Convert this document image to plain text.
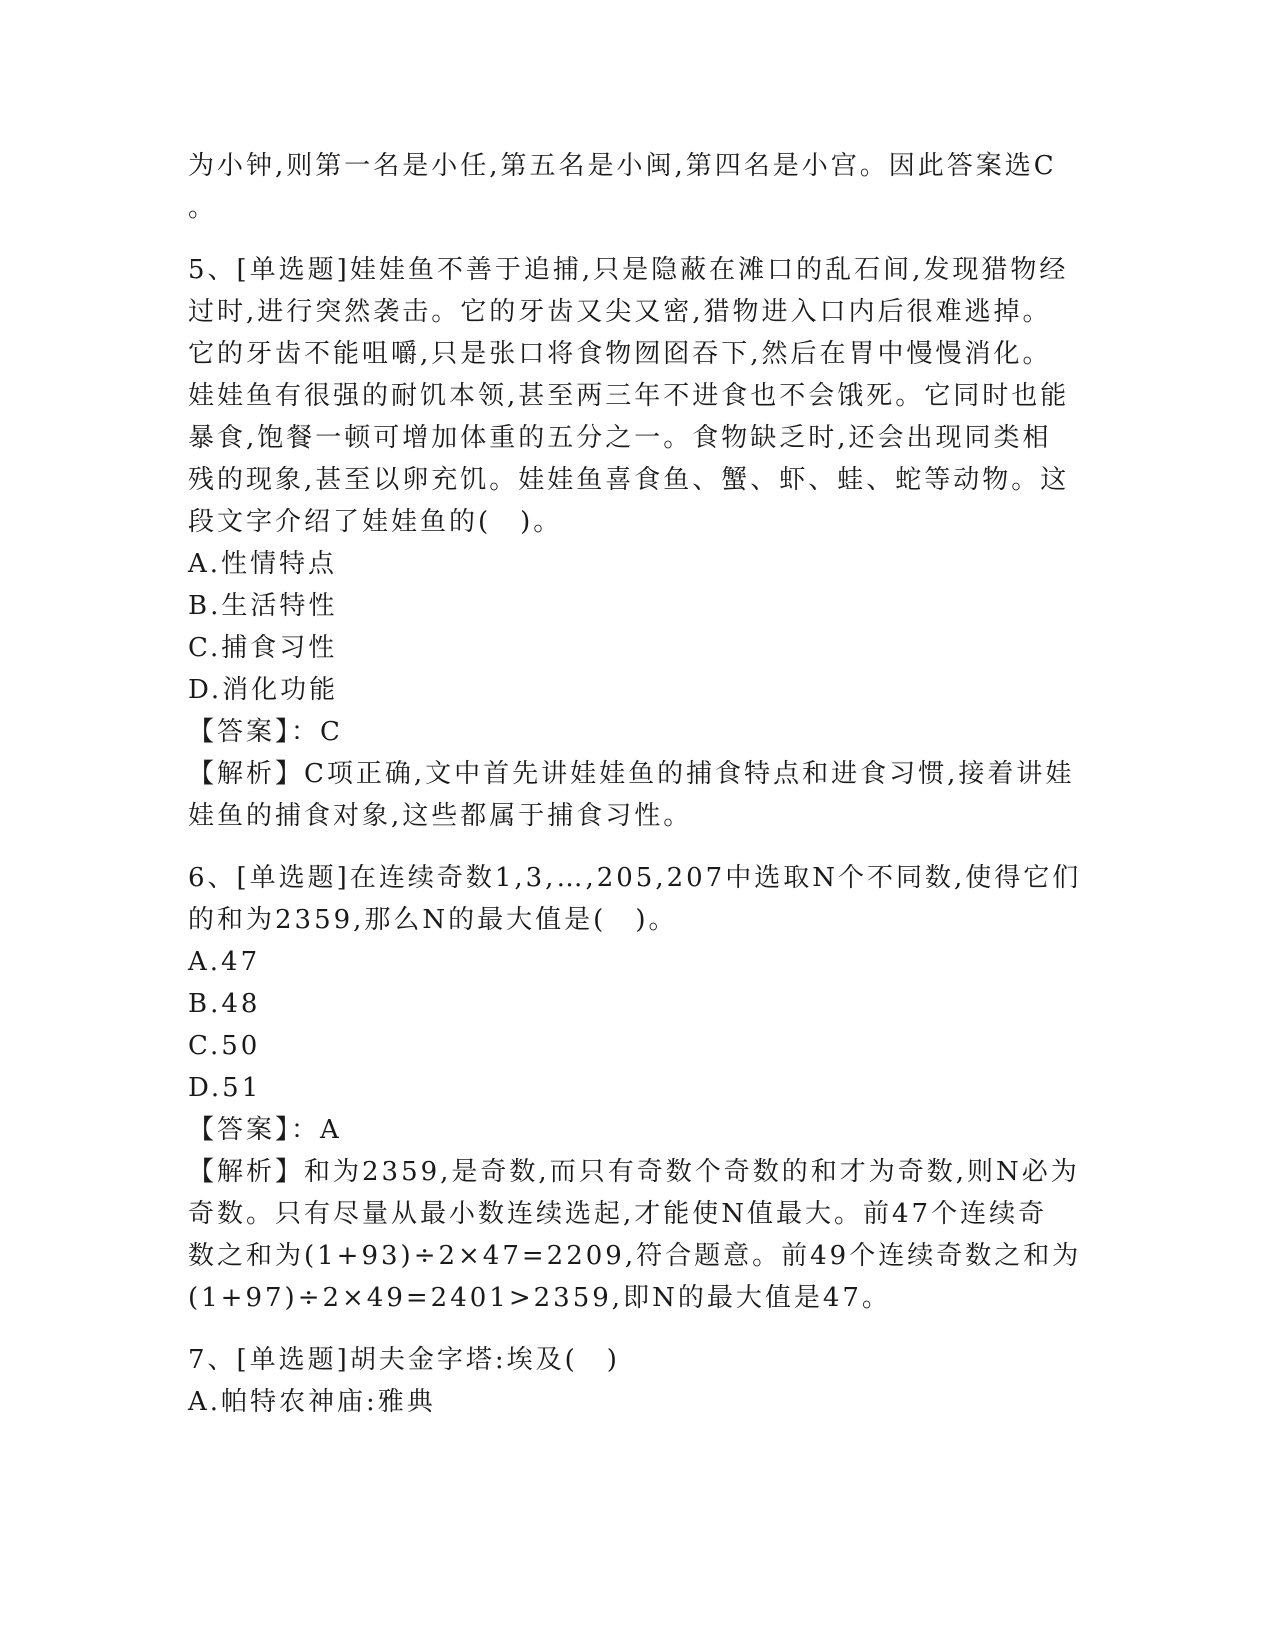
为小钟,则第一名是小任,第五名是小闽,第四名是小宫。因此答案选C
。
5、[单选题]娃娃鱼不善于追捕,只是隐蔽在滩口的乱石间,发现猎物经
过时,进行突然袭击。它的牙齿又尖又密,猎物进入口内后很难逃掉。
它的牙齿不能咀嚼,只是张口将食物囫囵吞下,然后在胃中慢慢消化。
娃娃鱼有很强的耐饥本领,甚至两三年不进食也不会饿死。它同时也能
暴食,饱餐一顿可增加体重的五分之一。食物缺乏时,还会出现同类相
残的现象,甚至以卵充饥。娃娃鱼喜食鱼、蟹、虾、蛙、蛇等动物。这
段文字介绍了娃娃鱼的(　)。
A.性情特点
B.生活特性
C.捕食习性
D.消化功能
【答案】：C
【解析】C项正确,文中首先讲娃娃鱼的捕食特点和进食习惯,接着讲娃
娃鱼的捕食对象,这些都属于捕食习性。
6、[单选题]在连续奇数1,3,…,205,207中选取N个不同数,使得它们
的和为2359,那么N的最大值是(　)。
A.47
B.48
C.50
D.51
【答案】：A
【解析】和为2359,是奇数,而只有奇数个奇数的和才为奇数,则N必为
奇数。只有尽量从最小数连续选起,才能使N值最大。前47个连续奇
数之和为(1+93)÷2×47=2209,符合题意。前49个连续奇数之和为
(1+97)÷2×49=2401>2359,即N的最大值是47。
7、[单选题]胡夫金字塔:埃及(　)
A.帕特农神庙:雅典
